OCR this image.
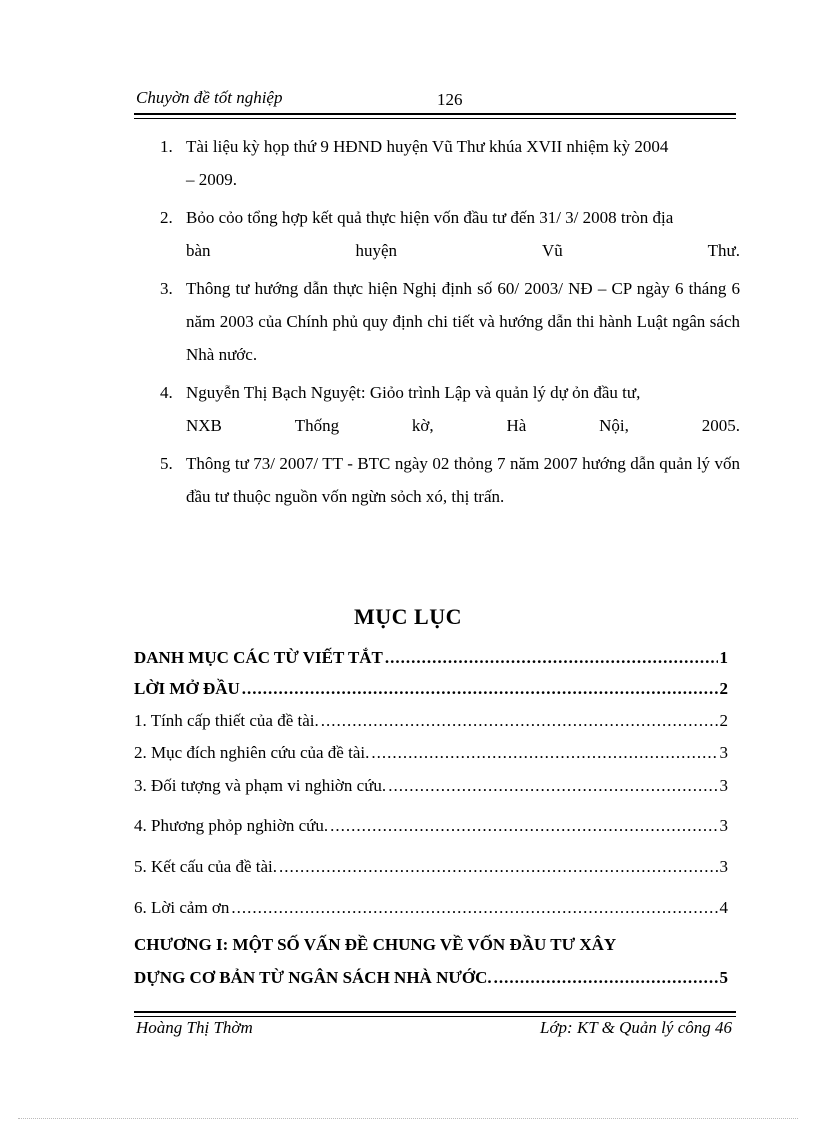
Chuyờn đề tốt nghiệp	126
1. Tài liệu kỳ họp thứ 9 HĐND huyện Vũ Thư khúa XVII nhiệm kỳ 2004
– 2009.
2. Bỏo cỏo tổng hợp kết quả thực hiện vốn đầu tư đến 31/ 3/ 2008 tròn địa
bàn	huyện	Vũ	Thư.
3. Thông tư hướng dẫn thực hiện Nghị định số 60/ 2003/ NĐ – CP ngày 6 tháng 6 năm 2003 của Chính phủ quy định chi tiết và hướng dẫn thi hành Luật ngân sách Nhà nước.
4. Nguyễn Thị Bạch Nguyệt: Giỏo trình Lập và quản lý dự ỏn đầu tư,
NXB	Thống	kờ,	Hà	Nội,	2005.
5. Thông tư 73/ 2007/ TT - BTC ngày 02 thỏng 7 năm 2007 hướng dẫn quản lý vốn đầu tư thuộc nguồn vốn ngừn sỏch xó, thị trấn.
MỤC LỤC
DANH MỤC CÁC TỪ VIẾT TẮT .....	1
LỜI MỞ ĐẦU .....	2
1. Tính cấp thiết của đề tài. .....	2
2. Mục đích nghiên cứu của đề tài. .....	3
3. Đối tượng và phạm vi nghiờn cứu. .....	3
4. Phương phỏp nghiờn cứu. .....	3
5. Kết cấu của đề tài. .....	3
6. Lời cảm ơn .....	4
CHƯƠNG I: MỘT SỐ VẤN ĐỀ CHUNG VỀ VỐN ĐẦU TƯ XÂY
DỰNG CƠ BẢN TỪ NGÂN SÁCH NHÀ NƯỚC. .....	5
Hoàng Thị Thờm	Lớp: KT & Quản lý công 46
